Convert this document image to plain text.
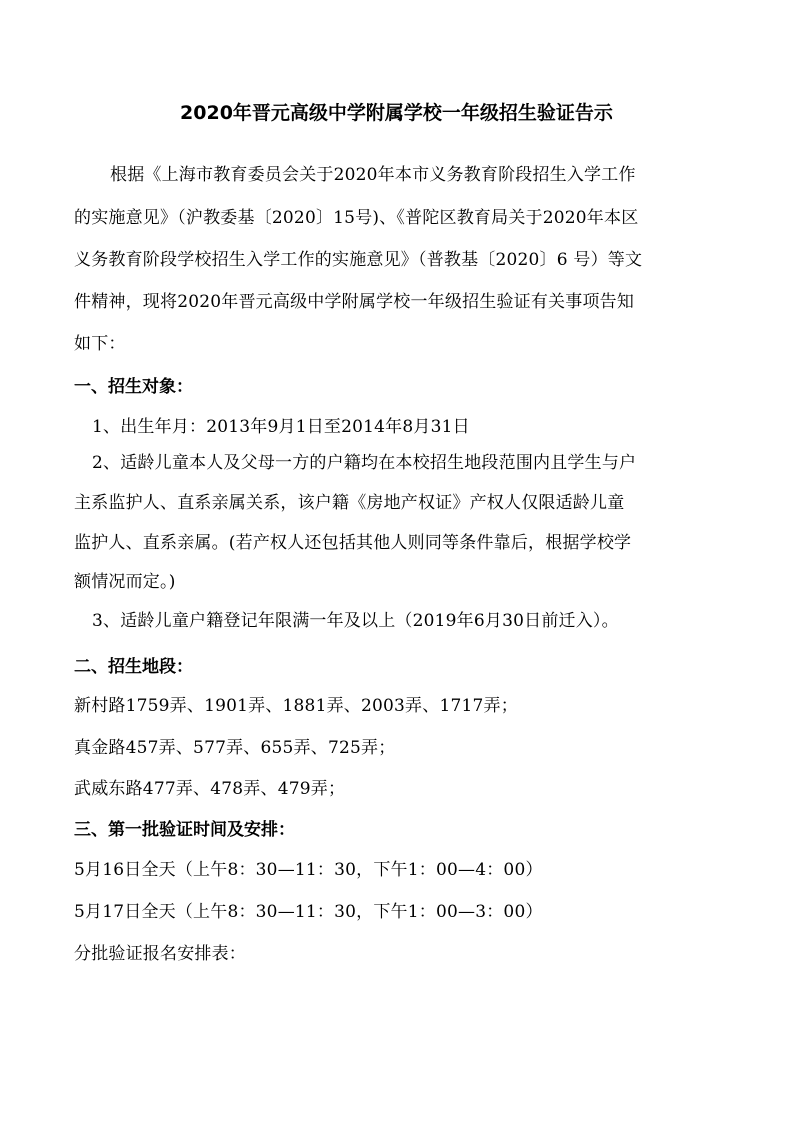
2020年晋元高级中学附属学校一年级招生验证告示
根据《上海市教育委员会关于2020年本市义务教育阶段招生入学工作
的实施意见》（沪教委基〔2020〕15号)、《普陀区教育局关于2020年本区
义务教育阶段学校招生入学工作的实施意见》（普教基〔2020〕6 号）等文
件精神，现将2020年晋元高级中学附属学校一年级招生验证有关事项告知
如下：
一、招生对象：
1、出生年月：2013年9月1日至2014年8月31日
2、适龄儿童本人及父母一方的户籍均在本校招生地段范围内且学生与户
主系监护人、直系亲属关系，该户籍《房地产权证》产权人仅限适龄儿童
监护人、直系亲属。(若产权人还包括其他人则同等条件靠后，根据学校学
额情况而定。)
3、适龄儿童户籍登记年限满一年及以上（2019年6月30日前迁入）。
二、招生地段：
新村路1759弄、1901弄、1881弄、2003弄、1717弄；
真金路457弄、577弄、655弄、725弄；
武威东路477弄、478弄、479弄；
三、第一批验证时间及安排：
5月16日全天（上午8：30—11：30，下午1：00—4：00）
5月17日全天（上午8：30—11：30，下午1：00—3：00）
分批验证报名安排表：
